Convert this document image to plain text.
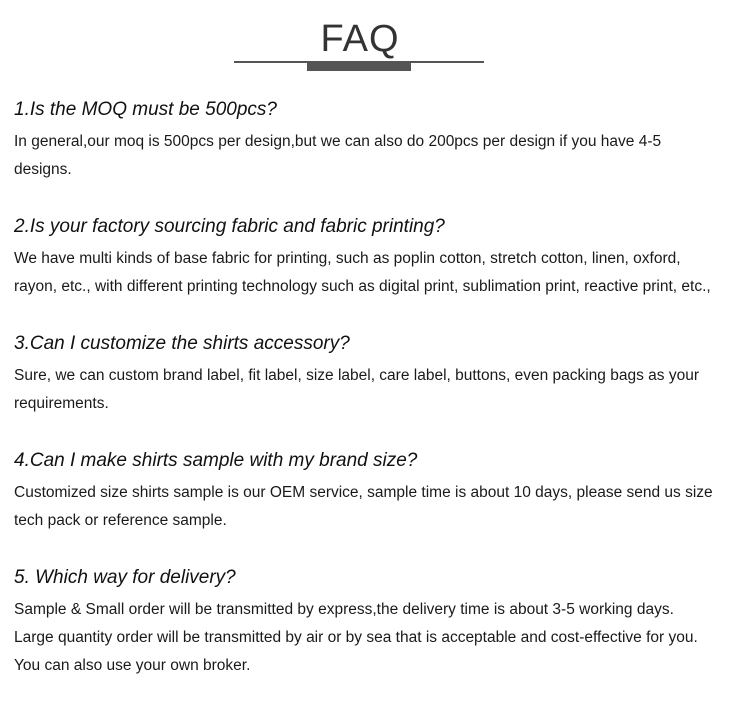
FAQ

1.Is the MOQ must be 500pcs?

In general,our moq is 500pcs per design,but we can also do 200pcs per design if you have 4-5
designs.

2.Is your factory sourcing fabric and fabric printing?

We have multi kinds of base fabric for printing, such as poplin cotton, stretch cotton, linen, oxford,
rayon, etc., with different printing technology such as digital print, sublimation print, reactive print, etc.,

3.Can I customize the shirts accessory?

Sure, we can custom brand label, fit label, size label, care label, buttons, even packing bags as your
requirements.

4.Can I make shirts sample with my brand size?

Customized size shirts sample is our OEM service, sample time is about 10 days, please send us size
tech pack or reference sample.

5. Which way for delivery?

Sample & Small order will be transmitted by express,the delivery time is about 3-5 working days.
Large quantity order will be transmitted by air or by sea that is acceptable and cost-effective for you.
You can also use your own broker.
